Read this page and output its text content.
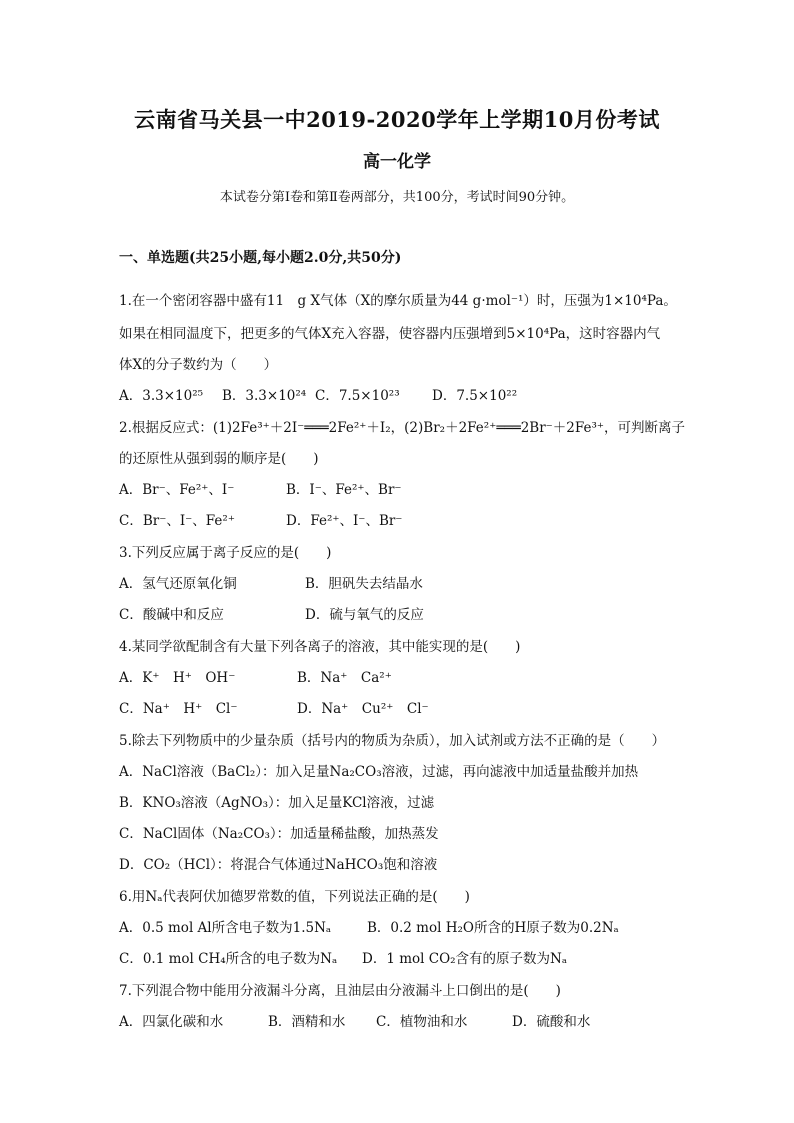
云南省马关县一中2019-2020学年上学期10月份考试
高一化学
本试卷分第Ⅰ卷和第Ⅱ卷两部分，共100分，考试时间90分钟。
一、单选题(共25小题,每小题2.0分,共50分)
1.在一个密闭容器中盛有11　g X气体（X的摩尔质量为44 g·mol⁻¹）时，压强为1×10⁴Pa。
如果在相同温度下，把更多的气体X充入容器，使容器内压强增到5×10⁴Pa，这时容器内气
体X的分子数约为（　　）
A．3.3×10²⁵ B．3.3×10²⁴ C．7.5×10²³ D．7.5×10²²
2.根据反应式：(1)2Fe³⁺＋2I⁻═══2Fe²⁺＋I₂，(2)Br₂＋2Fe²⁺═══2Br⁻＋2Fe³⁺，可判断离子
的还原性从强到弱的顺序是(　　)
A．Br⁻、Fe²⁺、I⁻	B．I⁻、Fe²⁺、Br⁻
C．Br⁻、I⁻、Fe²⁺	D．Fe²⁺、I⁻、Br⁻
3.下列反应属于离子反应的是(　　)
A．氢气还原氧化铜	B．胆矾失去结晶水
C．酸碱中和反应	D．硫与氧气的反应
4.某同学欲配制含有大量下列各离子的溶液，其中能实现的是(　　)
A．K⁺　H⁺　OH⁻	B．Na⁺　Ca²⁺
C．Na⁺　H⁺　Cl⁻	D．Na⁺　Cu²⁺　Cl⁻
5.除去下列物质中的少量杂质（括号内的物质为杂质），加入试剂或方法不正确的是（　　）
A．NaCl溶液（BaCl₂）：加入足量Na₂CO₃溶液，过滤，再向滤液中加适量盐酸并加热
B．KNO₃溶液（AgNO₃）：加入足量KCl溶液，过滤
C．NaCl固体（Na₂CO₃）：加适量稀盐酸，加热蒸发
D．CO₂（HCl）：将混合气体通过NaHCO₃饱和溶液
6.用Nₐ代表阿伏加德罗常数的值，下列说法正确的是(　　)
A．0.5 mol Al所含电子数为1.5Nₐ	B．0.2 mol H₂O所含的H原子数为0.2Nₐ
C．0.1 mol CH₄所含的电子数为Nₐ D．1 mol CO₂含有的原子数为Nₐ
7.下列混合物中能用分液漏斗分离，且油层由分液漏斗上口倒出的是(　　)
A．四氯化碳和水	B．酒精和水 C．植物油和水	D．硫酸和水
